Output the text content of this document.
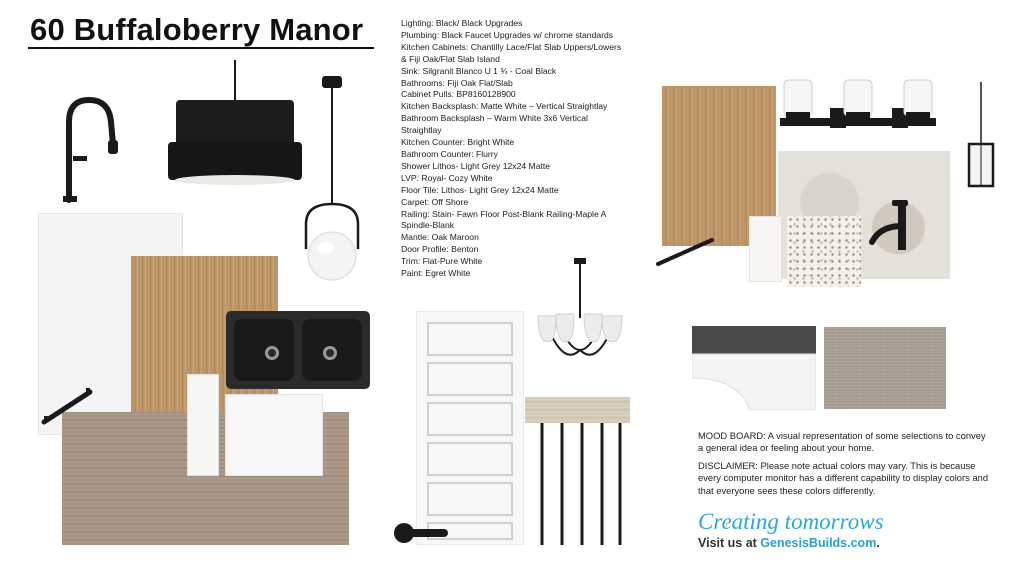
60 Buffaloberry Manor	Lighting: Black/ Black Upgrades
Plumbing: Black Faucet Upgrades w/ chrome standards
Kitchen Cabinets: Chantilly Lace/Flat Slab Uppers/Lowers & Fiji Oak/Flat Slab Island
Sink: Silgranit Blanco U 1 ¾ - Coal Black
Bathrooms: Fiji Oak Flat/Slab
Cabinet Pulls: BP8160128900
Kitchen Backsplash: Matte White – Vertical Straightlay
Bathroom Backsplash – Warm White 3x6 Vertical Straightlay
Kitchen Counter: Bright White
Bathroom Counter: Flurry
Shower Lithos- Light Grey 12x24 Matte
LVP: Royal- Cozy White
Floor Tile: Lithos- Light Grey 12x24 Matte
Carpet: Off Shore
Railing: Stain- Fawn Floor Post-Blank Railing-Maple A Spindle-Blank
Mantle: Oak Maroon
Door Profile: Benton
Trim: Flat-Pure White
Paint: Egret White

MOOD BOARD: A visual representation of some selections to convey a general idea or feeling about your home.

DISCLAIMER: Please note actual colors may vary. This is because every computer monitor has a different capability to display colors and that everyone sees these colors differently.

Creating tomorrows
Visit us at GenesisBuilds.com.
